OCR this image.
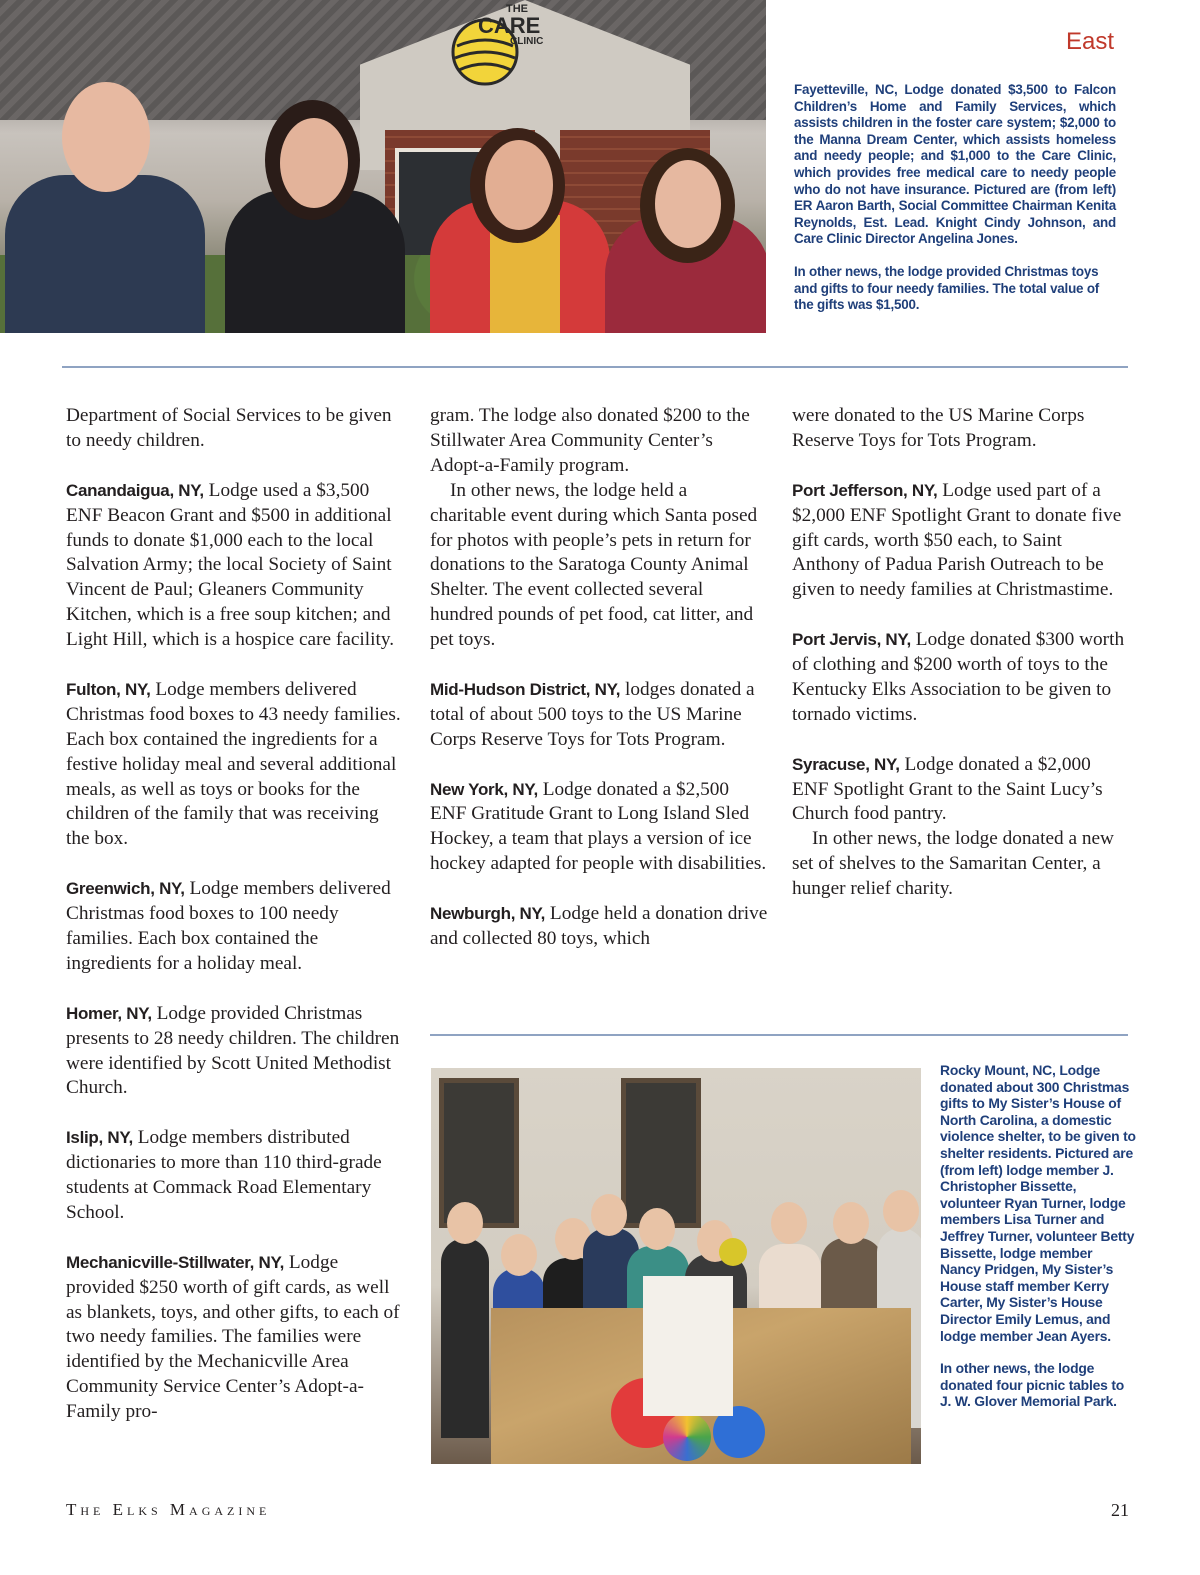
THE
CARE
CLINIC	East

Fayetteville, NC, Lodge donated $3,500 to Falcon Children’s Home and Family Services, which assists children in the foster care system; $2,000 to the Manna Dream Center, which assists homeless and needy people; and $1,000 to the Care Clinic, which provides free medical care to needy people who do not have insurance. Pictured are (from left) ER Aaron Barth, Social Committee Chairman Kenita Reynolds, Est. Lead. Knight Cindy Johnson, and Care Clinic Director Angelina Jones.

In other news, the lodge provided Christmas toys and gifts to four needy families. The total value of the gifts was $1,500.

Department of Social Services to be given to needy children.

Canandaigua, NY, Lodge used a $3,500 ENF Beacon Grant and $500 in additional funds to donate $1,000 each to the local Salvation Army; the local Society of Saint Vincent de Paul; Gleaners Community Kitchen, which is a free soup kitchen; and Light Hill, which is a hospice care facility.

Fulton, NY, Lodge members delivered Christmas food boxes to 43 needy families. Each box contained the ingredients for a festive holiday meal and several additional meals, as well as toys or books for the children of the family that was receiving the box.

Greenwich, NY, Lodge members delivered Christmas food boxes to 100 needy families. Each box contained the ingredients for a holiday meal.

Homer, NY, Lodge provided Christmas presents to 28 needy children. The children were identified by Scott United Methodist Church.

Islip, NY, Lodge members distributed dictionaries to more than 110 third-grade students at Commack Road Elementary School.

Mechanicville-Stillwater, NY, Lodge provided $250 worth of gift cards, as well as blankets, toys, and other gifts, to each of two needy families. The families were identified by the Mechanicville Area Community Service Center’s Adopt-a-Family pro-

gram. The lodge also donated $200 to the Stillwater Area Community Center’s Adopt-a-Family program.

In other news, the lodge held a charitable event during which Santa posed for photos with people’s pets in return for donations to the Saratoga County Animal Shelter. The event collected several hundred pounds of pet food, cat litter, and pet toys.

Mid-Hudson District, NY, lodges donated a total of about 500 toys to the US Marine Corps Reserve Toys for Tots Program.

New York, NY, Lodge donated a $2,500 ENF Gratitude Grant to Long Island Sled Hockey, a team that plays a version of ice hockey adapted for people with disabilities.

Newburgh, NY, Lodge held a donation drive and collected 80 toys, which

were donated to the US Marine Corps Reserve Toys for Tots Program.

Port Jefferson, NY, Lodge used part of a $2,000 ENF Spotlight Grant to donate five gift cards, worth $50 each, to Saint Anthony of Padua Parish Outreach to be given to needy families at Christmastime.

Port Jervis, NY, Lodge donated $300 worth of clothing and $200 worth of toys to the Kentucky Elks Association to be given to tornado victims.

Syracuse, NY, Lodge donated a $2,000 ENF Spotlight Grant to the Saint Lucy’s Church food pantry.

In other news, the lodge donated a new set of shelves to the Samaritan Center, a hunger relief charity.

Rocky Mount, NC, Lodge donated about 300 Christmas gifts to My Sister’s House of North Carolina, a domestic violence shelter, to be given to shelter residents. Pictured are (from left) lodge member J. Christopher Bissette, volunteer Ryan Turner, lodge members Lisa Turner and Jeffrey Turner, volunteer Betty Bissette, lodge member Nancy Pridgen, My Sister’s House staff member Kerry Carter, My Sister’s House Director Emily Lemus, and lodge member Jean Ayers.

In other news, the lodge donated four picnic tables to J. W. Glover Memorial Park.

The Elks Magazine	21
